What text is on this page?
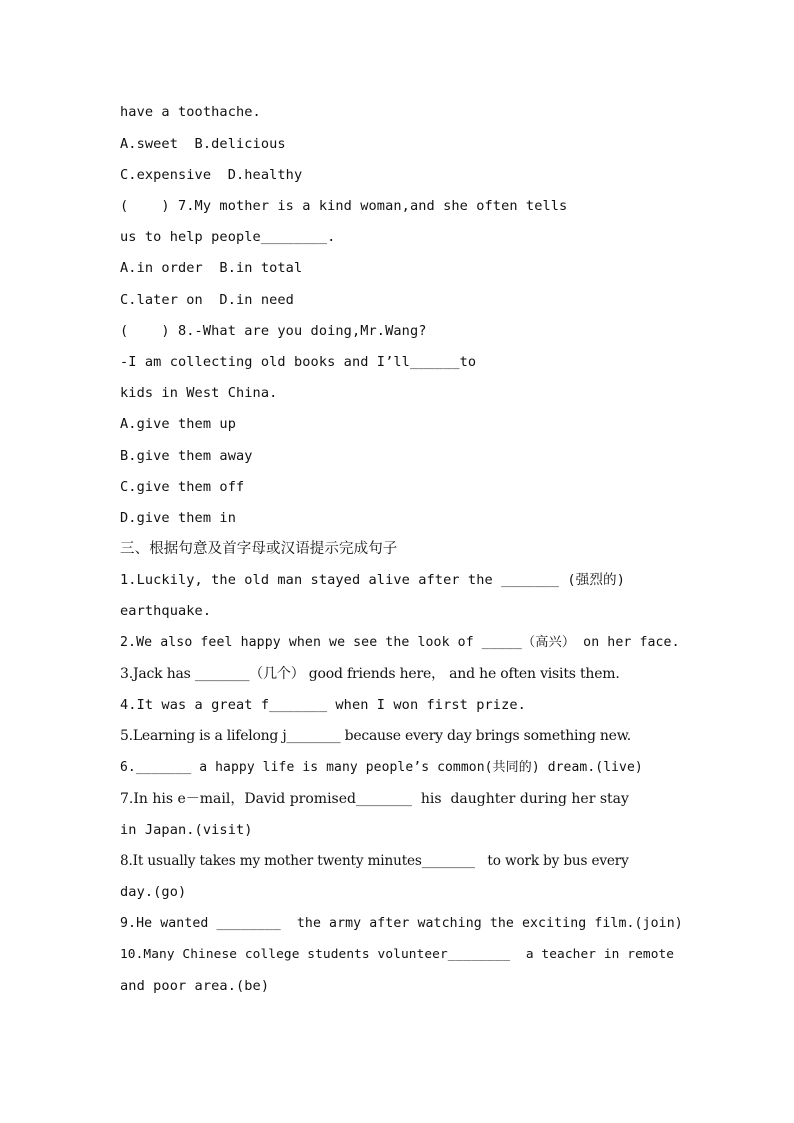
have a toothache.
A.sweet  B.delicious
C.expensive  D.healthy
(    ) 7.My mother is a kind woman,and she often tells
us to help people________.
A.in order  B.in total
C.later on  D.in need
(    ) 8.-What are you doing,Mr.Wang?
-I am collecting old books and I’ll______to
kids in West China.
A.give them up
B.give them away
C.give them off
D.give them in
三、根据句意及首字母或汉语提示完成句子
1.Luckily, the old man stayed alive after the _______ (强烈的)
earthquake.
2.We also feel happy when we see the look of _____（高兴） on her face.
3.Jack has ________（几个） good friends here， and he often visits them.
4.It was a great f_______ when I won first prize.
5.Learning is a lifelong j________ because every day brings something new.
6._______ a happy life is many people’s common(共同的) dream.(live)
7.In his e－mail，David promised________  his  daughter during her stay
in Japan.(visit)
8.It usually takes my mother twenty minutes________   to work by bus every
day.(go)
9.He wanted ________  the army after watching the exciting film.(join)
10.Many Chinese college students volunteer________  a teacher in remote
and poor area.(be)
